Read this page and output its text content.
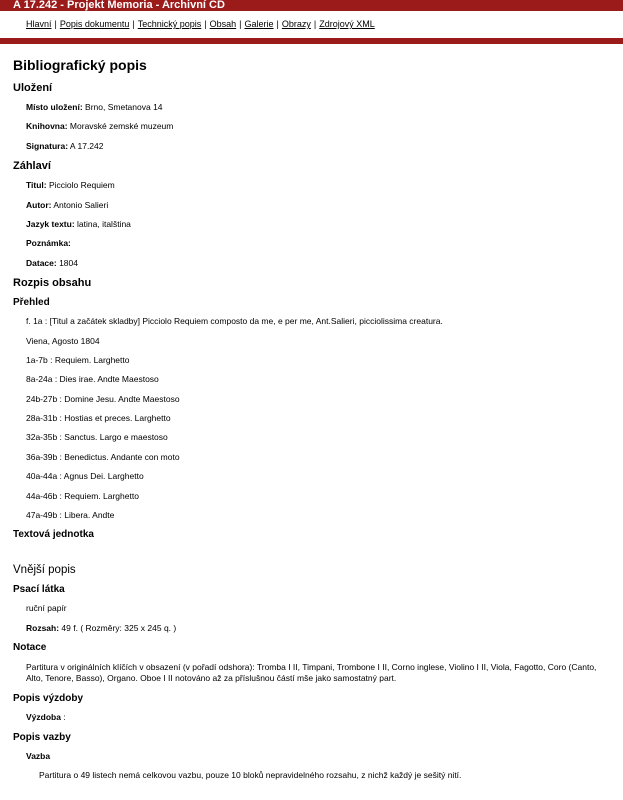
A 17.242 - Projekt Memoria - Archivní CD
Hlavní | Popis dokumentu | Technický popis | Obsah | Galerie | Obrazy | Zdrojový XML
Bibliografický popis
Uložení
Místo uložení: Brno, Smetanova 14
Knihovna: Moravské zemské muzeum
Signatura: A 17.242
Záhlaví
Titul: Picciolo Requiem
Autor: Antonio Salieri
Jazyk textu: latina, italština
Poznámka:
Datace: 1804
Rozpis obsahu
Přehled
f. 1a : [Titul a začátek skladby] Picciolo Requiem composto da me, e per me, Ant.Salieri, picciolissima creatura.
Viena, Agosto 1804
1a-7b : Requiem. Larghetto
8a-24a : Dies irae. Andte Maestoso
24b-27b : Domine Jesu. Andte Maestoso
28a-31b : Hostias et preces. Larghetto
32a-35b : Sanctus. Largo e maestoso
36a-39b : Benedictus. Andante con moto
40a-44a : Agnus Dei. Larghetto
44a-46b : Requiem. Larghetto
47a-49b : Libera. Andte
Textová jednotka
Vnější popis
Psací látka
ruční papír
Rozsah: 49 f. ( Rozměry: 325 x 245 q. )
Notace
Partitura v originálních klíčích v obsazení (v pořadí odshora): Tromba I II, Timpani, Trombone I II, Corno inglese, Violino I II, Viola, Fagotto, Coro (Canto, Alto, Tenore, Basso), Organo. Oboe I II notováno až za příslušnou částí mše jako samostatný part.
Popis výzdoby
Výzdoba :
Popis vazby
Vazba
Partitura o 49 listech nemá celkovou vazbu, pouze 10 bloků nepravidelného rozsahu, z nichž každý je sešitý nití.
